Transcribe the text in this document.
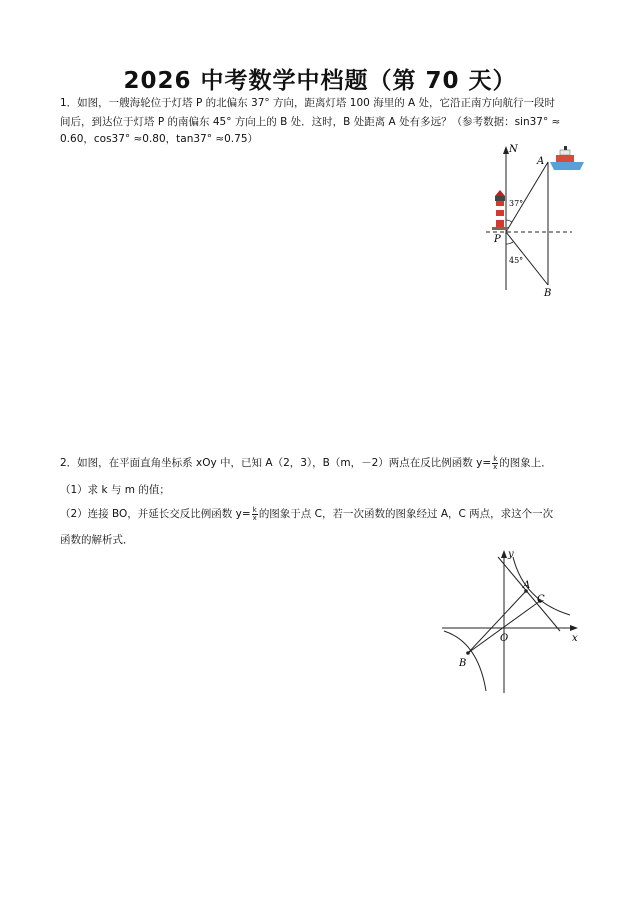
2026 中考数学中档题（第 70 天）
1．如图，一艘海轮位于灯塔 P 的北偏东 37° 方向，距离灯塔 100 海里的 A 处，它沿正南方向航行一段时
间后，到达位于灯塔 P 的南偏东 45° 方向上的 B 处．这时，B 处距离 A 处有多远？（参考数据：sin37° ≈
0.60，cos37° ≈0.80，tan37° ≈0.75）
N
A
P
B
37°
45°
2．如图，在平面直角坐标系 xOy 中，已知 A（2，3），B（m，－2）两点在反比例函数 $y= \frac{k}{x}$ 的图象上．
（1）求 k 与 m 的值；
（2）连接 BO，并延长交反比例函数 $y= \frac{k}{x}$ 的图象于点 C，若一次函数的图象经过 A，C 两点，求这个一次
函数的解析式．
y
x
O
A
B
C
